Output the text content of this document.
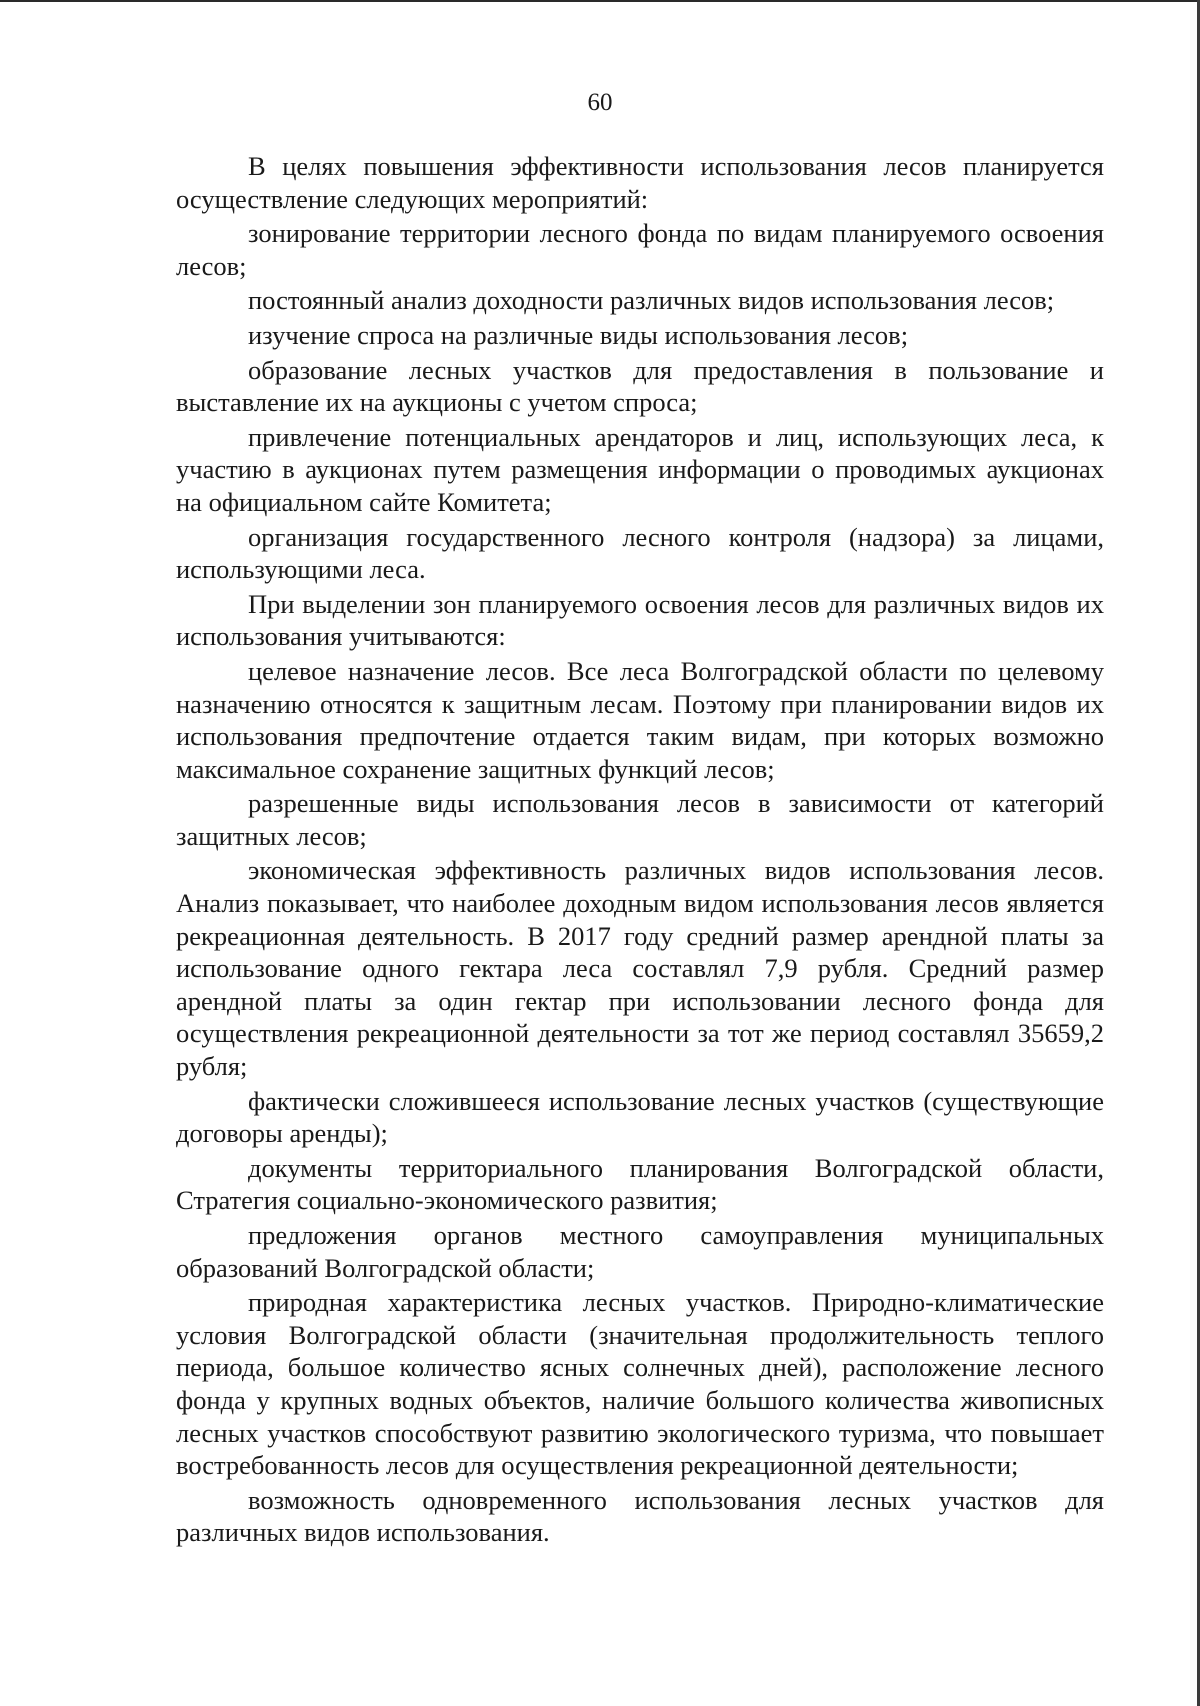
60

В целях повышения эффективности использования лесов планируется осуществление следующих мероприятий:

зонирование территории лесного фонда по видам планируемого освоения лесов;

постоянный анализ доходности различных видов использования лесов;

изучение спроса на различные виды использования лесов;

образование лесных участков для предоставления в пользование и выставление их на аукционы с учетом спроса;

привлечение потенциальных арендаторов и лиц, использующих леса, к участию в аукционах путем размещения информации о проводимых аукционах на официальном сайте Комитета;

организация государственного лесного контроля (надзора) за лицами, использующими леса.

При выделении зон планируемого освоения лесов для различных видов их использования учитываются:

целевое назначение лесов. Все леса Волгоградской области по целевому назначению относятся к защитным лесам. Поэтому при планировании видов их использования предпочтение отдается таким видам, при которых возможно максимальное сохранение защитных функций лесов;

разрешенные виды использования лесов в зависимости от категорий защитных лесов;

экономическая эффективность различных видов использования лесов. Анализ показывает, что наиболее доходным видом использования лесов является рекреационная деятельность. В 2017 году средний размер арендной платы за использование одного гектара леса составлял 7,9 рубля. Средний размер арендной платы за один гектар при использовании лесного фонда для осуществления рекреационной деятельности за тот же период составлял 35659,2 рубля;

фактически сложившееся использование лесных участков (существующие договоры аренды);

документы территориального планирования Волгоградской области, Стратегия социально-экономического развития;

предложения органов местного самоуправления муниципальных образований Волгоградской области;

природная характеристика лесных участков. Природно-климатические условия Волгоградской области (значительная продолжительность теплого периода, большое количество ясных солнечных дней), расположение лесного фонда у крупных водных объектов, наличие большого количества живописных лесных участков способствуют развитию экологического туризма, что повышает востребованность лесов для осуществления рекреационной деятельности;

возможность одновременного использования лесных участков для различных видов использования.
